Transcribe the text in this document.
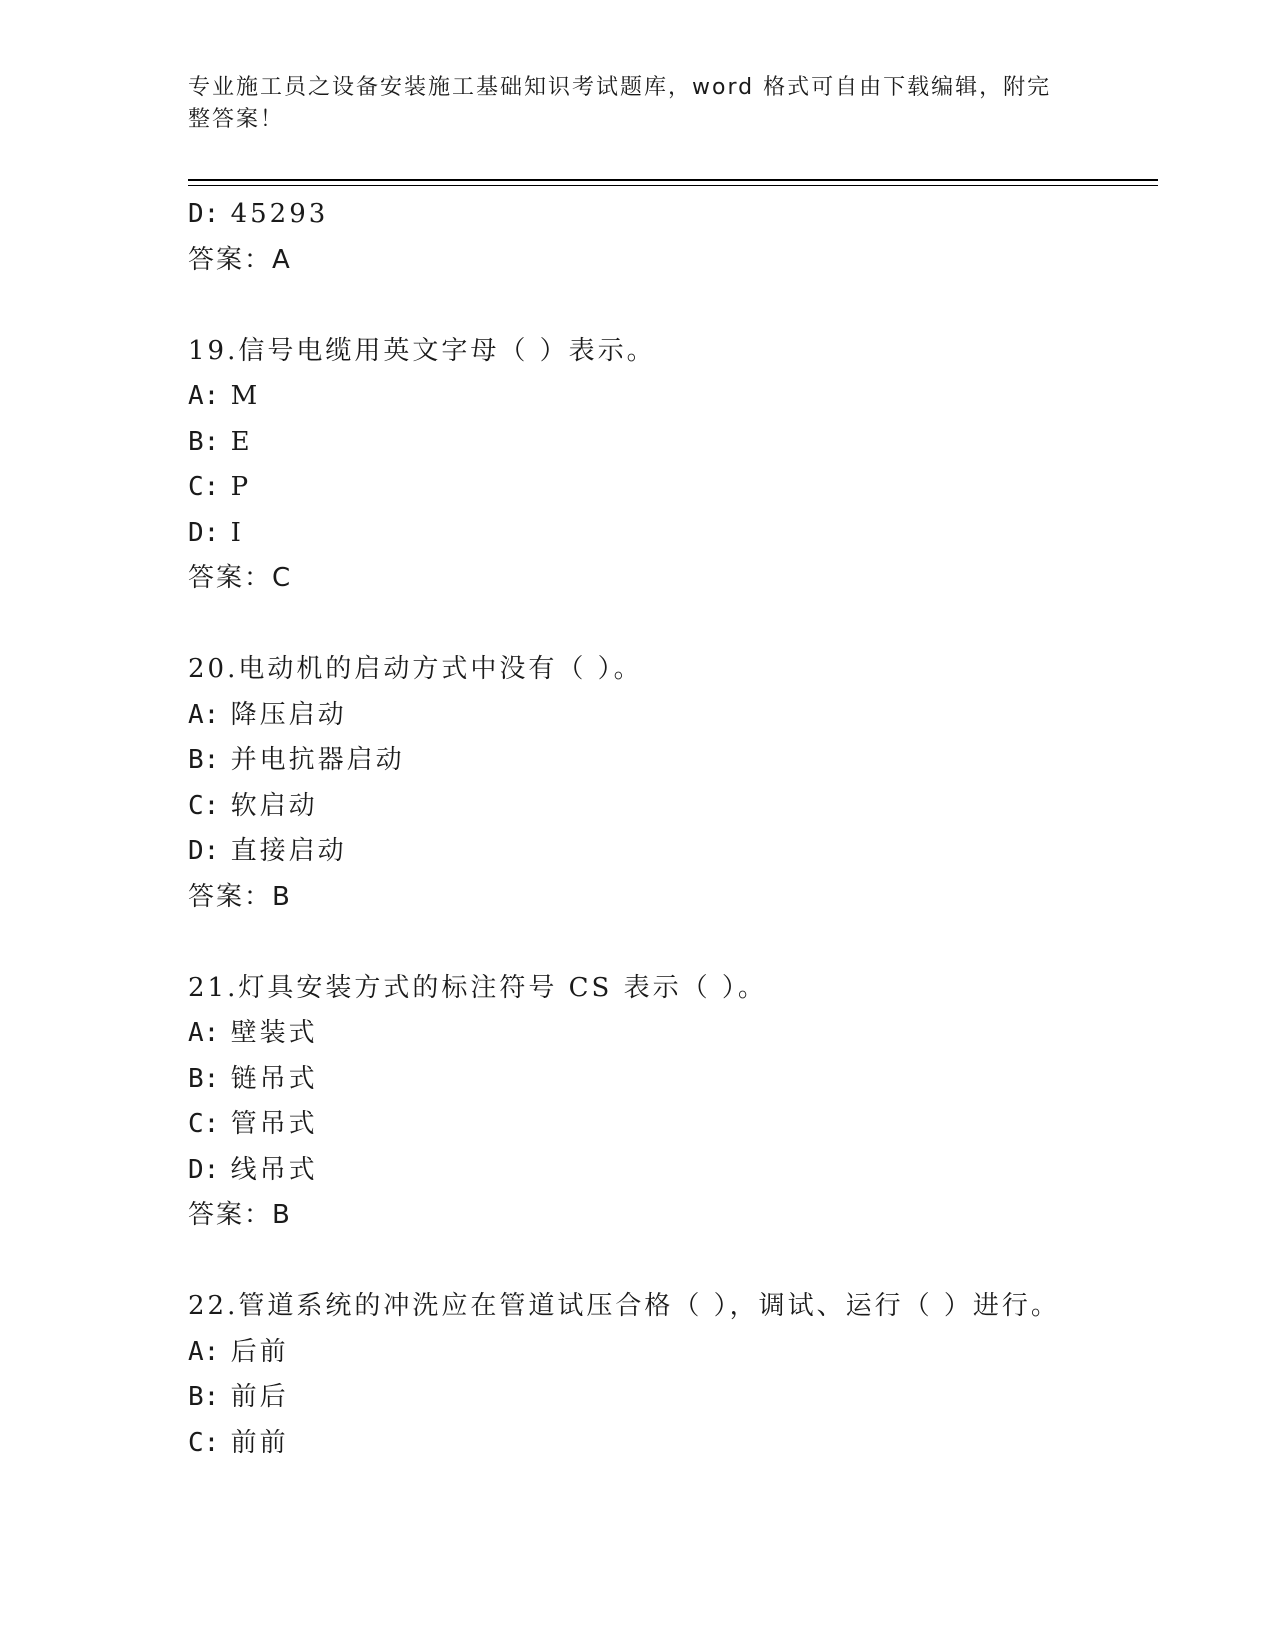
专业施工员之设备安装施工基础知识考试题库，word 格式可自由下载编辑，附完
整答案！
D: 45293
答案：A
19.信号电缆用英文字母（ ）表示。
A: M
B: E
C: P
D: I
答案：C
20.电动机的启动方式中没有（ ）。
A: 降压启动
B: 并电抗器启动
C: 软启动
D: 直接启动
答案：B
21.灯具安装方式的标注符号 CS 表示（ ）。
A: 壁装式
B: 链吊式
C: 管吊式
D: 线吊式
答案：B
22.管道系统的冲洗应在管道试压合格（ ），调试、运行（ ）进行。
A: 后前
B: 前后
C: 前前
